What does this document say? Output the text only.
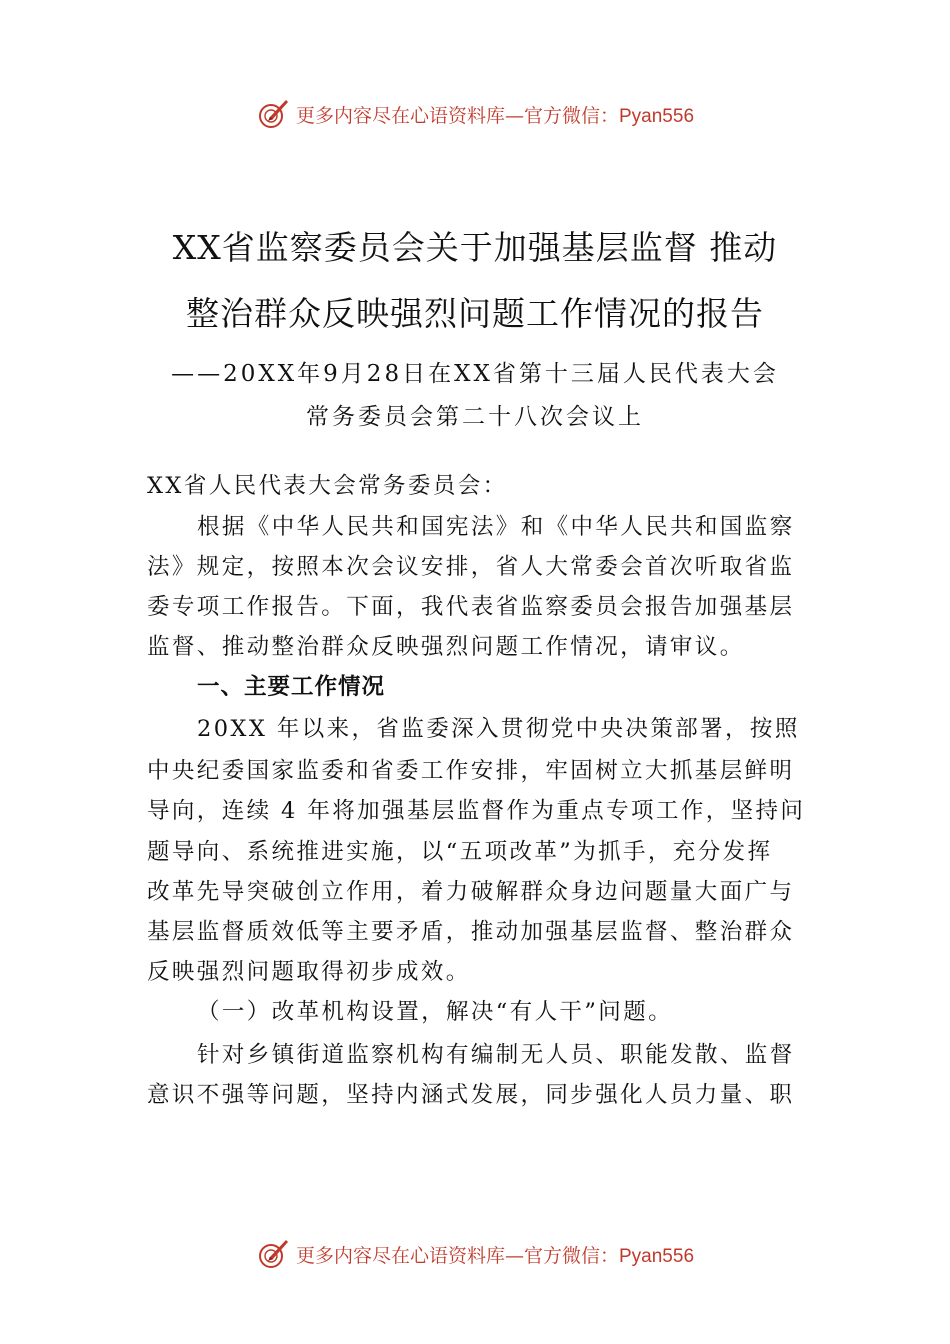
更多内容尽在心语资料库—官方微信：Pyan556
XX省监察委员会关于加强基层监督 推动
整治群众反映强烈问题工作情况的报告
——20XX年9月28日在XX省第十三届人民代表大会
常务委员会第二十八次会议上
XX省人民代表大会常务委员会：
根据《中华人民共和国宪法》和《中华人民共和国监察
法》规定，按照本次会议安排，省人大常委会首次听取省监
委专项工作报告。下面，我代表省监察委员会报告加强基层
监督、推动整治群众反映强烈问题工作情况，请审议。
一、主要工作情况
20XX 年以来，省监委深入贯彻党中央决策部署，按照
中央纪委国家监委和省委工作安排，牢固树立大抓基层鲜明
导向，连续 4 年将加强基层监督作为重点专项工作，坚持问
题导向、系统推进实施，以“五项改革”为抓手，充分发挥
改革先导突破创立作用，着力破解群众身边问题量大面广与
基层监督质效低等主要矛盾，推动加强基层监督、整治群众
反映强烈问题取得初步成效。
（一）改革机构设置，解决“有人干”问题。
针对乡镇街道监察机构有编制无人员、职能发散、监督
意识不强等问题，坚持内涵式发展，同步强化人员力量、职
更多内容尽在心语资料库—官方微信：Pyan556
